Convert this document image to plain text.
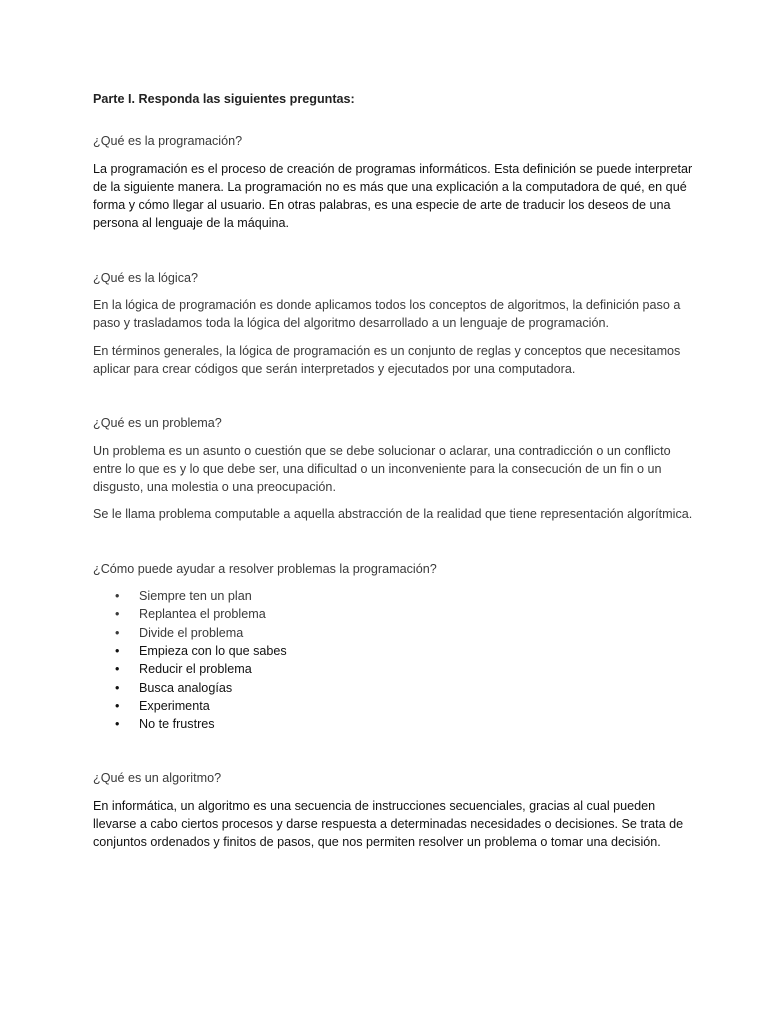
Parte I. Responda las siguientes preguntas:
¿Qué es la programación?

La programación es el proceso de creación de programas informáticos. Esta definición se puede interpretar de la siguiente manera. La programación no es más que una explicación a la computadora de qué, en qué forma y cómo llegar al usuario. En otras palabras, es una especie de arte de traducir los deseos de una persona al lenguaje de la máquina.

¿Qué es la lógica?

En la lógica de programación es donde aplicamos todos los conceptos de algoritmos, la definición paso a paso y trasladamos toda la lógica del algoritmo desarrollado a un lenguaje de programación.

En términos generales, la lógica de programación es un conjunto de reglas y conceptos que necesitamos aplicar para crear códigos que serán interpretados y ejecutados por una computadora.

¿Qué es un problema?

Un problema es un asunto o cuestión que se debe solucionar o aclarar, una contradicción o un conflicto entre lo que es y lo que debe ser, una dificultad o un inconveniente para la consecución de un fin o un disgusto, una molestia o una preocupación.

Se le llama problema computable a aquella abstracción de la realidad que tiene representación algorítmica.

¿Cómo puede ayudar a resolver problemas la programación?
• Siempre ten un plan
• Replantea el problema
• Divide el problema
• Empieza con lo que sabes
• Reducir el problema
• Busca analogías
• Experimenta
• No te frustres
¿Qué es un algoritmo?

En informática, un algoritmo es una secuencia de instrucciones secuenciales, gracias al cual pueden llevarse a cabo ciertos procesos y darse respuesta a determinadas necesidades o decisiones. Se trata de conjuntos ordenados y finitos de pasos, que nos permiten resolver un problema o tomar una decisión.
